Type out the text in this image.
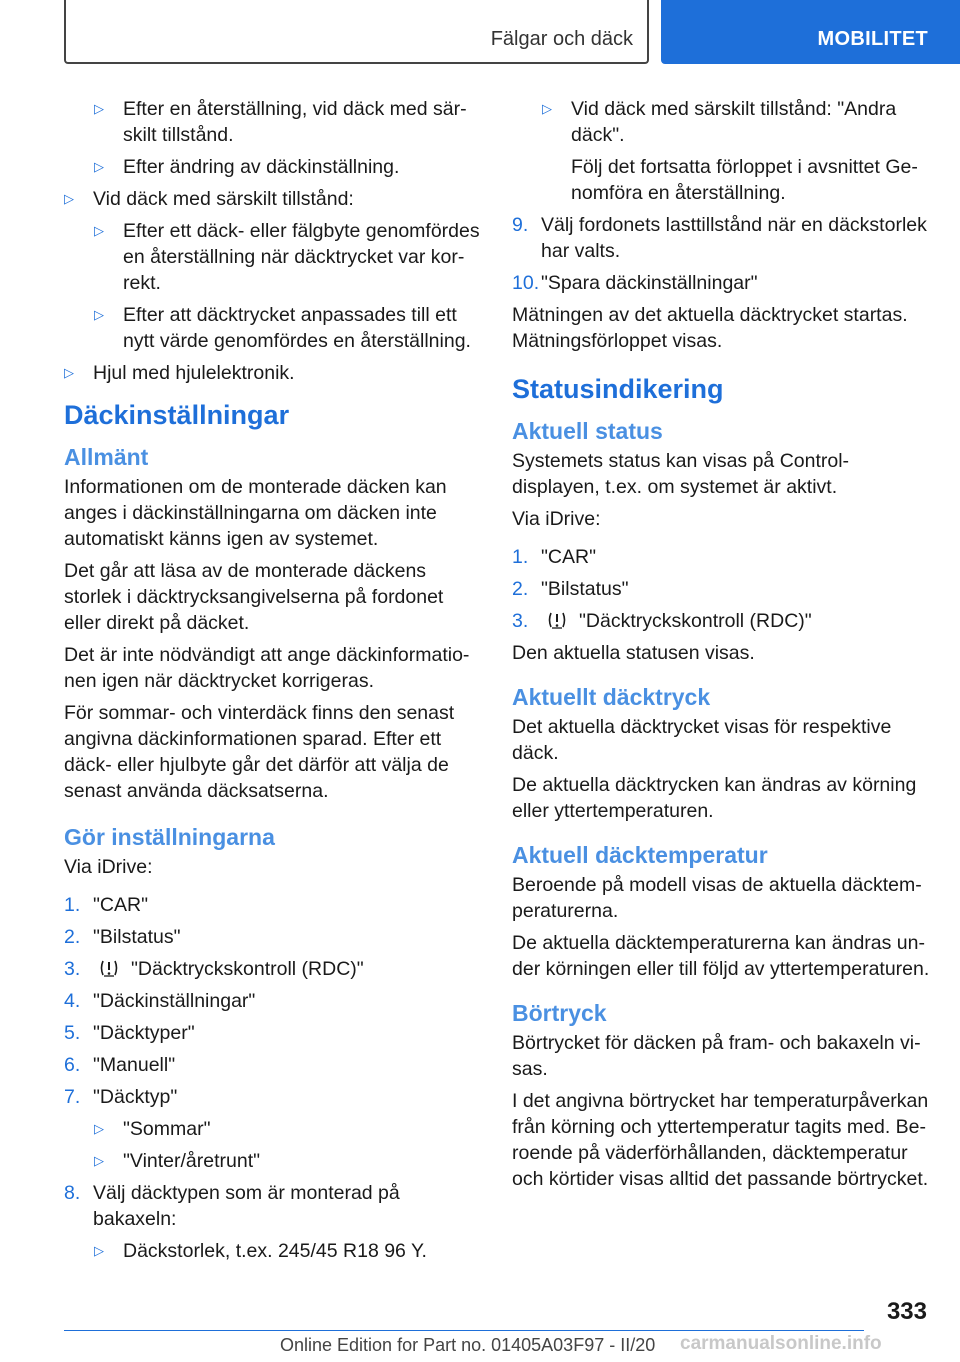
Fälgar och däck	MOBILITET
▷ Efter en återställning, vid däck med särskilt tillstånd.
▷ Efter ändring av däckinställning.
▷ Vid däck med särskilt tillstånd:
▷ Efter ett däck- eller fälgbyte genomfördes en återställning när däcktrycket var korrekt.
▷ Efter att däcktrycket anpassades till ett nytt värde genomfördes en återställning.
▷ Hjul med hjulelektronik.
Däckinställningar
Allmänt

Informationen om de monterade däcken kan anges i däckinställningarna om däcken inte automatiskt känns igen av systemet.

Det går att läsa av de monterade däckens storlek i däcktrycksangivelserna på fordonet eller direkt på däcket.

Det är inte nödvändigt att ange däckinformationen igen när däcktrycket korrigeras.

För sommar- och vinterdäck finns den senast angivna däckinformationen sparad. Efter ett däck- eller hjulbyte går det därför att välja de senast använda däcksatserna.

Gör inställningarna

Via iDrive:

1. "CAR"
2. "Bilstatus"
3.	"Däcktryckskontroll (RDC)"
4. "Däckinställningar"
5. "Däcktyper"
6. "Manuell"
7. "Däcktyp"
▷ "Sommar"
▷ "Vinter/åretrunt"
8. Välj däcktypen som är monterad på bakaxeln:
▷ Däckstorlek, t.ex. 245/45 R18 96 Y.
▷ Vid däck med särskilt tillstånd: "Andra däck".

Följ det fortsatta förloppet i avsnittet Genomföra en återställning.

9. Välj fordonets lasttillstånd när en däckstorlek har valts.
10. "Spara däckinställningar"

Mätningen av det aktuella däcktrycket startas. Mätningsförloppet visas.

Statusindikering
Aktuell status

Systemets status kan visas på Control-displayen, t.ex. om systemet är aktivt.

Via iDrive:

1. "CAR"
2. "Bilstatus"
3.	"Däcktryckskontroll (RDC)"

Den aktuella statusen visas.

Aktuellt däcktryck

Det aktuella däcktrycket visas för respektive däck.

De aktuella däcktrycken kan ändras av körning eller yttertemperaturen.

Aktuell däcktemperatur

Beroende på modell visas de aktuella däcktemperaturerna.

De aktuella däcktemperaturerna kan ändras under körningen eller till följd av yttertemperaturen.

Börtryck

Börtrycket för däcken på fram- och bakaxeln visas.

I det angivna börtrycket har temperaturpåverkan från körning och yttertemperatur tagits med. Beroende på väderförhållanden, däcktemperatur och körtider visas alltid det passande börtrycket.

333
Online Edition for Part no. 01405A03F97 - II/20 carmanualsonline.info
